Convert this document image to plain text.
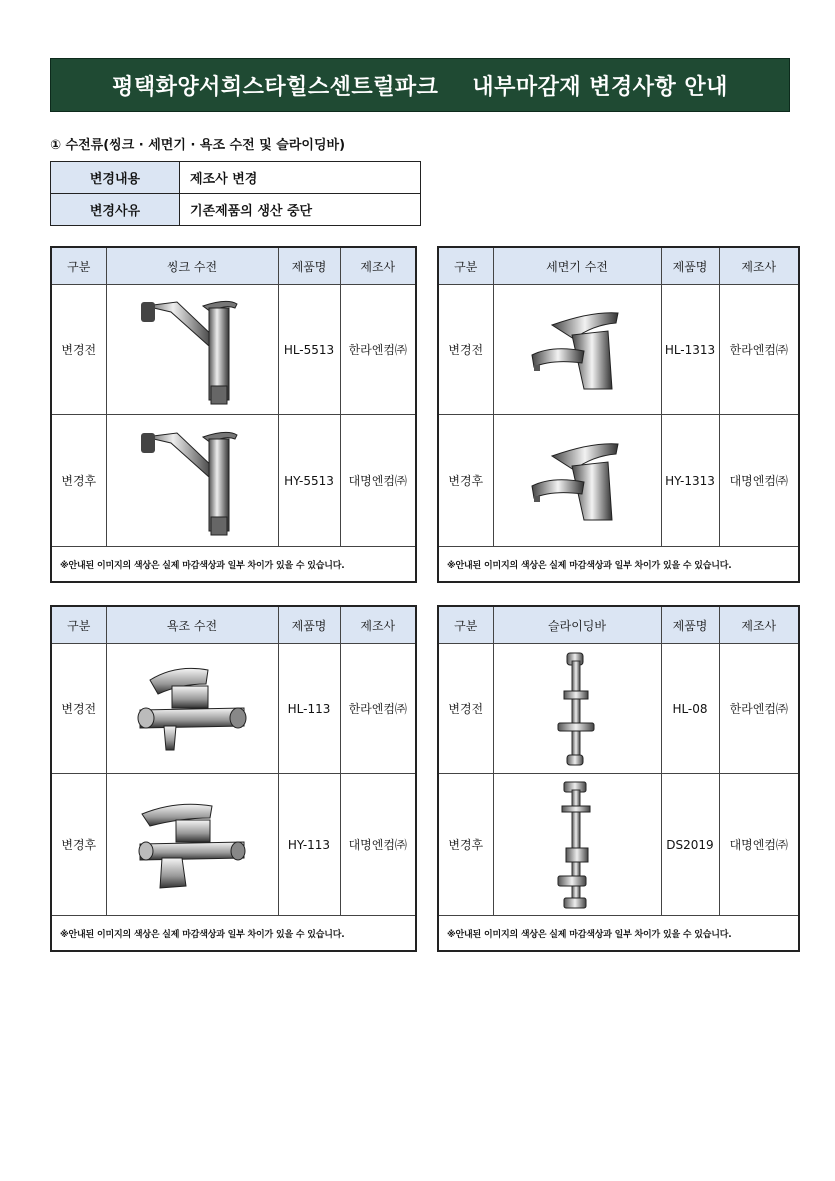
평택화양서희스타힐스센트럴파크 내부마감재 변경사항 안내
① 수전류(씽크 · 세면기 · 욕조 수전 및 슬라이딩바)
변경내용	제조사 변경
변경사유	기존제품의 생산 중단
구분	씽크 수전	제품명	제조사
변경전		HL-5513	한라엔컴㈜
변경후		HY-5513	대명엔컴㈜
※안내된 이미지의 색상은 실제 마감색상과 일부 차이가 있을 수 있습니다.			
구분	세면기 수전	제품명	제조사
변경전		HL-1313	한라엔컴㈜
변경후		HY-1313	대명엔컴㈜
※안내된 이미지의 색상은 실제 마감색상과 일부 차이가 있을 수 있습니다.			
구분	욕조 수전	제품명	제조사
변경전		HL-113	한라엔컴㈜
변경후		HY-113	대명엔컴㈜
※안내된 이미지의 색상은 실제 마감색상과 일부 차이가 있을 수 있습니다.			
구분	슬라이딩바	제품명	제조사
변경전		HL-08	한라엔컴㈜
변경후		DS2019	대명엔컴㈜
※안내된 이미지의 색상은 실제 마감색상과 일부 차이가 있을 수 있습니다.			
